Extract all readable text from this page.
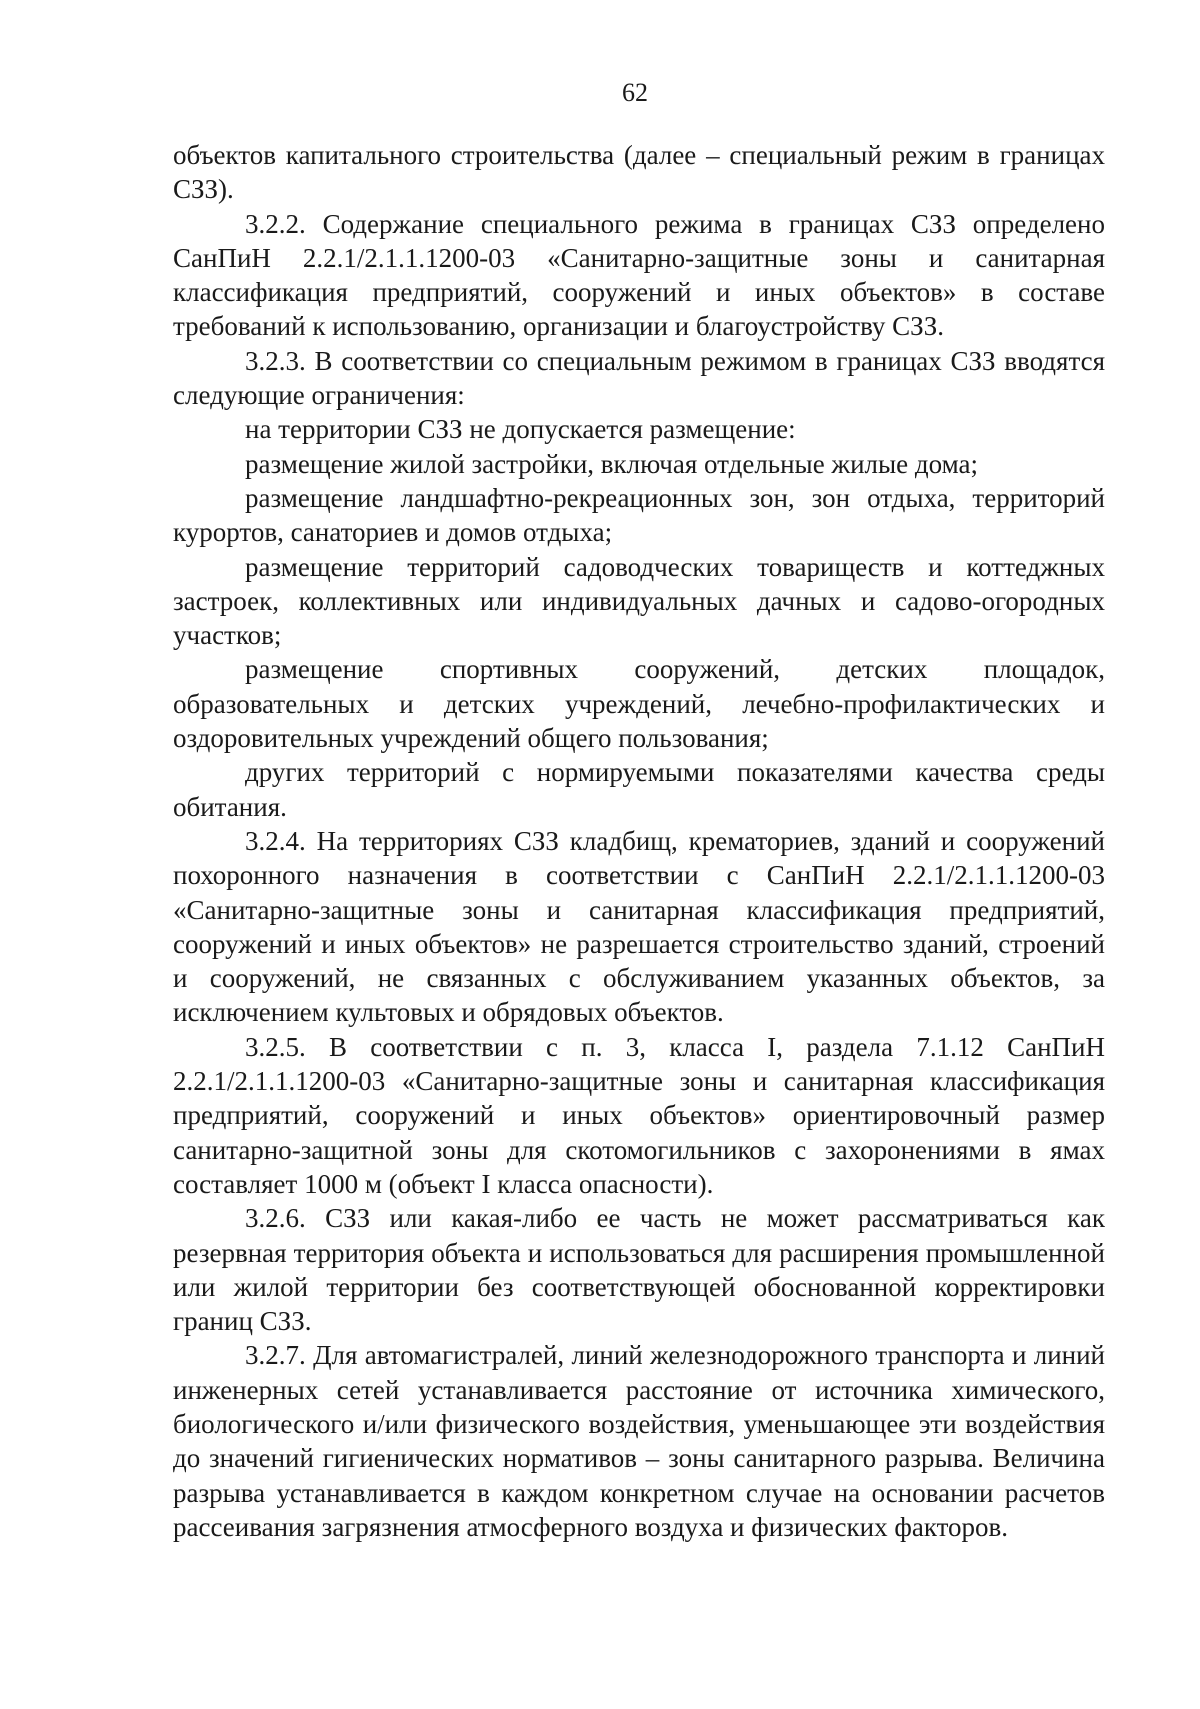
62

объектов капитального строительства (далее – специальный режим в границах СЗЗ).

3.2.2. Содержание специального режима в границах СЗЗ определено СанПиН 2.2.1/2.1.1.1200-03 «Санитарно-защитные зоны и санитарная классификация предприятий, сооружений и иных объектов» в составе требований к использованию, организации и благоустройству СЗЗ.

3.2.3. В соответствии со специальным режимом в границах СЗЗ вводятся следующие ограничения:

на территории СЗЗ не допускается размещение:

размещение жилой застройки, включая отдельные жилые дома;

размещение ландшафтно-рекреационных зон, зон отдыха, территорий курортов, санаториев и домов отдыха;

размещение территорий садоводческих товариществ и коттеджных застроек, коллективных или индивидуальных дачных и садово-огородных участков;

размещение спортивных сооружений, детских площадок, образовательных и детских учреждений, лечебно-профилактических и оздоровительных учреждений общего пользования;

других территорий с нормируемыми показателями качества среды обитания.

3.2.4. На территориях СЗЗ кладбищ, крематориев, зданий и сооружений похоронного назначения в соответствии с СанПиН 2.2.1/2.1.1.1200-03 «Санитарно-защитные зоны и санитарная классификация предприятий, сооружений и иных объектов» не разрешается строительство зданий, строений и сооружений, не связанных с обслуживанием указанных объектов, за исключением культовых и обрядовых объектов.

3.2.5. В соответствии с п. 3, класса I, раздела 7.1.12 СанПиН 2.2.1/2.1.1.1200-03 «Санитарно-защитные зоны и санитарная классификация предприятий, сооружений и иных объектов» ориентировочный размер санитарно-защитной зоны для скотомогильников с захоронениями в ямах составляет 1000 м (объект I класса опасности).

3.2.6. СЗЗ или какая-либо ее часть не может рассматриваться как резервная территория объекта и использоваться для расширения промышленной или жилой территории без соответствующей обоснованной корректировки границ СЗЗ.

3.2.7. Для автомагистралей, линий железнодорожного транспорта и линий инженерных сетей устанавливается расстояние от источника химического, биологического и/или физического воздействия, уменьшающее эти воздействия до значений гигиенических нормативов – зоны санитарного разрыва. Величина разрыва устанавливается в каждом конкретном случае на основании расчетов рассеивания загрязнения атмосферного воздуха и физических факторов.
